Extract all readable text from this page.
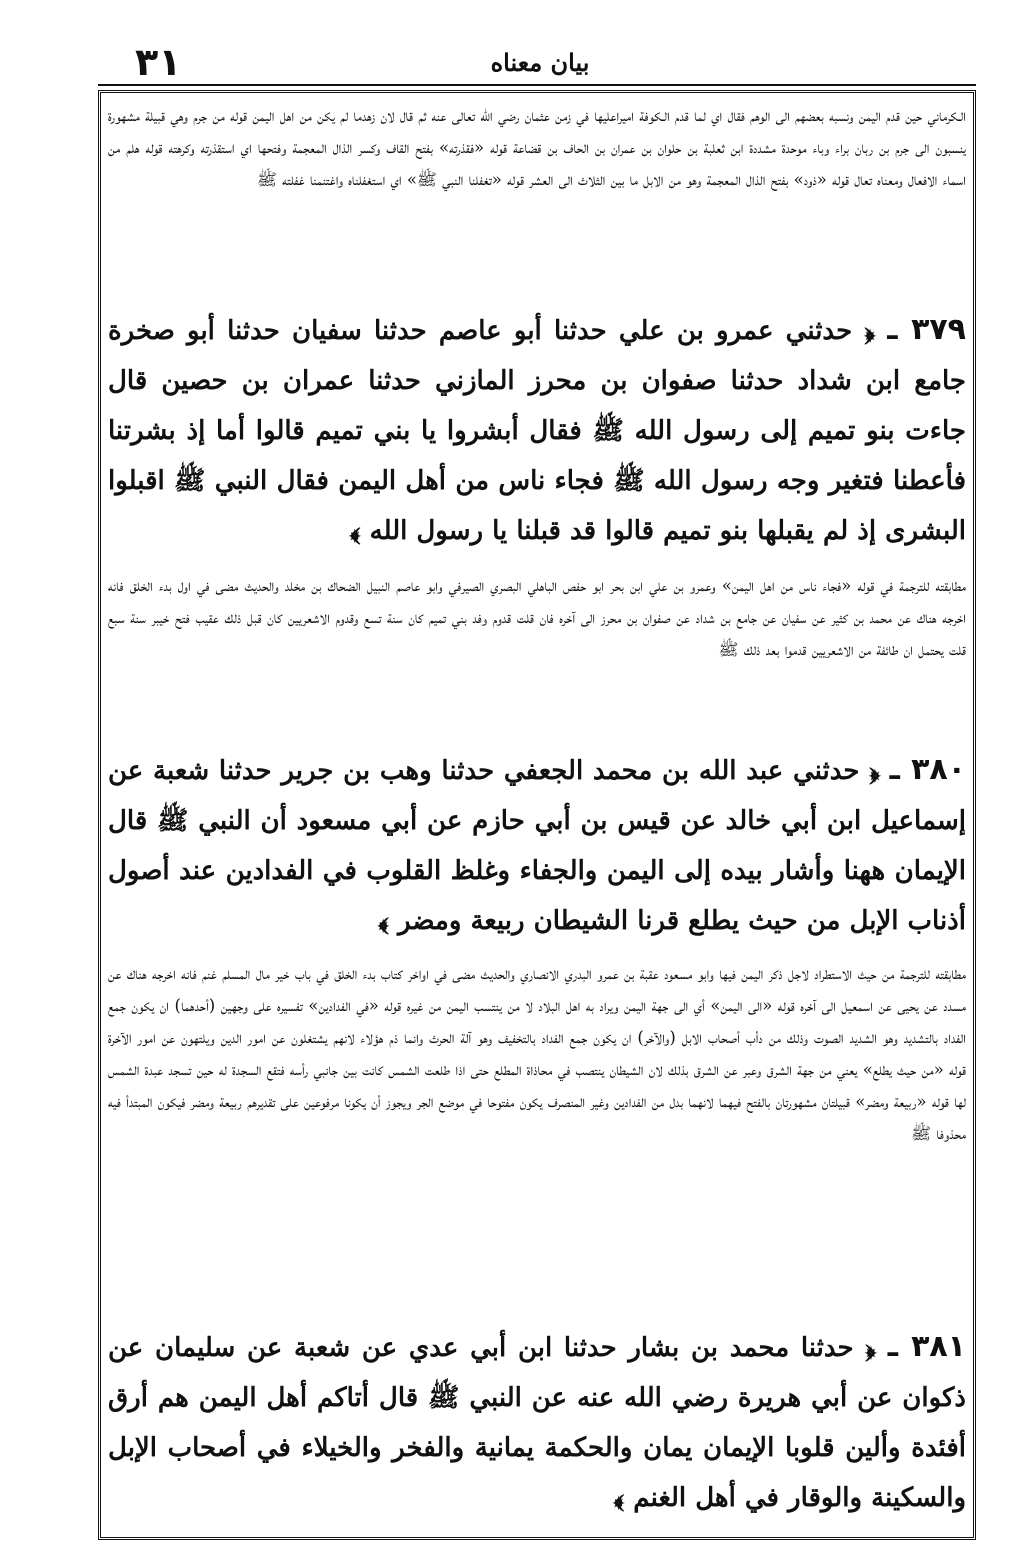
٣١	بيان معناه
الـكرماني حين قدم اليمن ونسبه بعضهم الى الوهم فقال اي لما قدم الـكوفة اميراعليها في زمن عثمان رضي الله تعالى عنه ثم قال لان زهدما لم يكن من اهل اليمن قوله من جرم وهي قبيلة مشهورة ينسبون الى جرم بن ربان براء وباء موحدة مشددة ابن ثعلبة بن حلوان بن عمران بن الحاف بن قضاعة قوله «فقذرته» بفتح القاف وكسر الذال المعجمة وفتحها اي استقذرته وكرهته قوله هلم من اسماء الافعال ومعناه تعال قوله «ذود» بفتح الذال المعجمة وهو من الابل ما بين الثلاث الى العشر قوله «تغفلنا النبي ﷺ» اي استغفلناه واغتنمنا غفلته ﷺ
٣٧٩ ـ ﴿ حدثني عمرو بن علي حدثنا أبو عاصم حدثنا سفيان حدثنا أبو صخرة جامع ابن شداد حدثنا صفوان بن محرز المازني حدثنا عمران بن حصين قال جاءت بنو تميم إلى رسول الله ﷺ فقال أبشروا يا بني تميم قالوا أما إذ بشرتنا فأعطنا فتغير وجه رسول الله ﷺ فجاء ناس من أهل اليمن فقال النبي ﷺ اقبلوا البشرى إذ لم يقبلها بنو تميم قالوا قد قبلنا يا رسول الله ﴾
مطابقته للترجمة في قوله «فجاء ناس من اهل اليمن» وعمرو بن علي ابن بحر ابو حفص الباهلي البصري الصيرفي وابو عاصم النبيل الضحاك بن مخلد والحديث مضى في اول بدء الخلق فانه اخرجه هناك عن محمد بن كثير عن سفيان عن جامع بن شداد عن صفوان بن محرز الى آخره فان قلت قدوم وفد بني تميم كان سنة تسع وقدوم الاشعريين كان قبل ذلك عقيب فتح خيبر سنة سبع قلت يحتمل ان طائفة من الاشعريين قدموا بعد ذلك ﷺ
٣٨٠ ـ ﴿ حدثني عبد الله بن محمد الجعفي حدثنا وهب بن جرير حدثنا شعبة عن إسماعيل ابن أبي خالد عن قيس بن أبي حازم عن أبي مسعود أن النبي ﷺ قال الإيمان ههنا وأشار بيده إلى اليمن والجفاء وغلظ القلوب في الفدادين عند أصول أذناب الإبل من حيث يطلع قرنا الشيطان ربيعة ومضر ﴾
مطابقته للترجمة من حيث الاستطراد لاجل ذكر اليمن فيها وابو مسعود عقبة بن عمرو البدري الانصاري والحديث مضى في اواخر كتاب بدء الخلق في باب خير مال المسلم غنم فانه اخرجه هناك عن مسدد عن يحيى عن اسمعيل الى آخره قوله «الى اليمن» أي الى جهة اليمن ويراد به اهل البلاد لا من ينتسب اليمن من غيره قوله «في الفدادين» تفسيره على وجهين (أحدهما) ان يكون جمع الفداد بالتشديد وهو الشديد الصوت وذلك من دأب أصحاب الابل (والآخر) ان يكون جمع الفداد بالتخفيف وهو آلة الحرث وانما ذم هؤلاء لانهم يشتغلون عن امور الدين ويلتهون عن امور الآخرة قوله «من حيث يطلع» يعني من جهة الشرق وعبر عن الشرق بذلك لان الشيطان ينتصب في محاذاة المطلع حتى اذا طلعت الشمس كانت بين جانبي رأسه فتقع السجدة له حين تسجد عبدة الشمس لها قوله «ربيعة ومضر» قبيلتان مشهورتان بالفتح فيهما لانهما بدل من الفدادين وغير المنصرف يكون مفتوحا في موضع الجر ويجوز أن يكونا مرفوعين على تقديرهم ربيعة ومضر فيكون المبتدأ فيه محذوفا ﷺ
٣٨١ ـ ﴿ حدثنا محمد بن بشار حدثنا ابن أبي عدي عن شعبة عن سليمان عن ذكوان عن أبي هريرة رضي الله عنه عن النبي ﷺ قال أتاكم أهل اليمن هم أرق أفئدة وألين قلوبا الإيمان يمان والحكمة يمانية والفخر والخيلاء في أصحاب الإبل والسكينة والوقار في أهل الغنم ﴾
